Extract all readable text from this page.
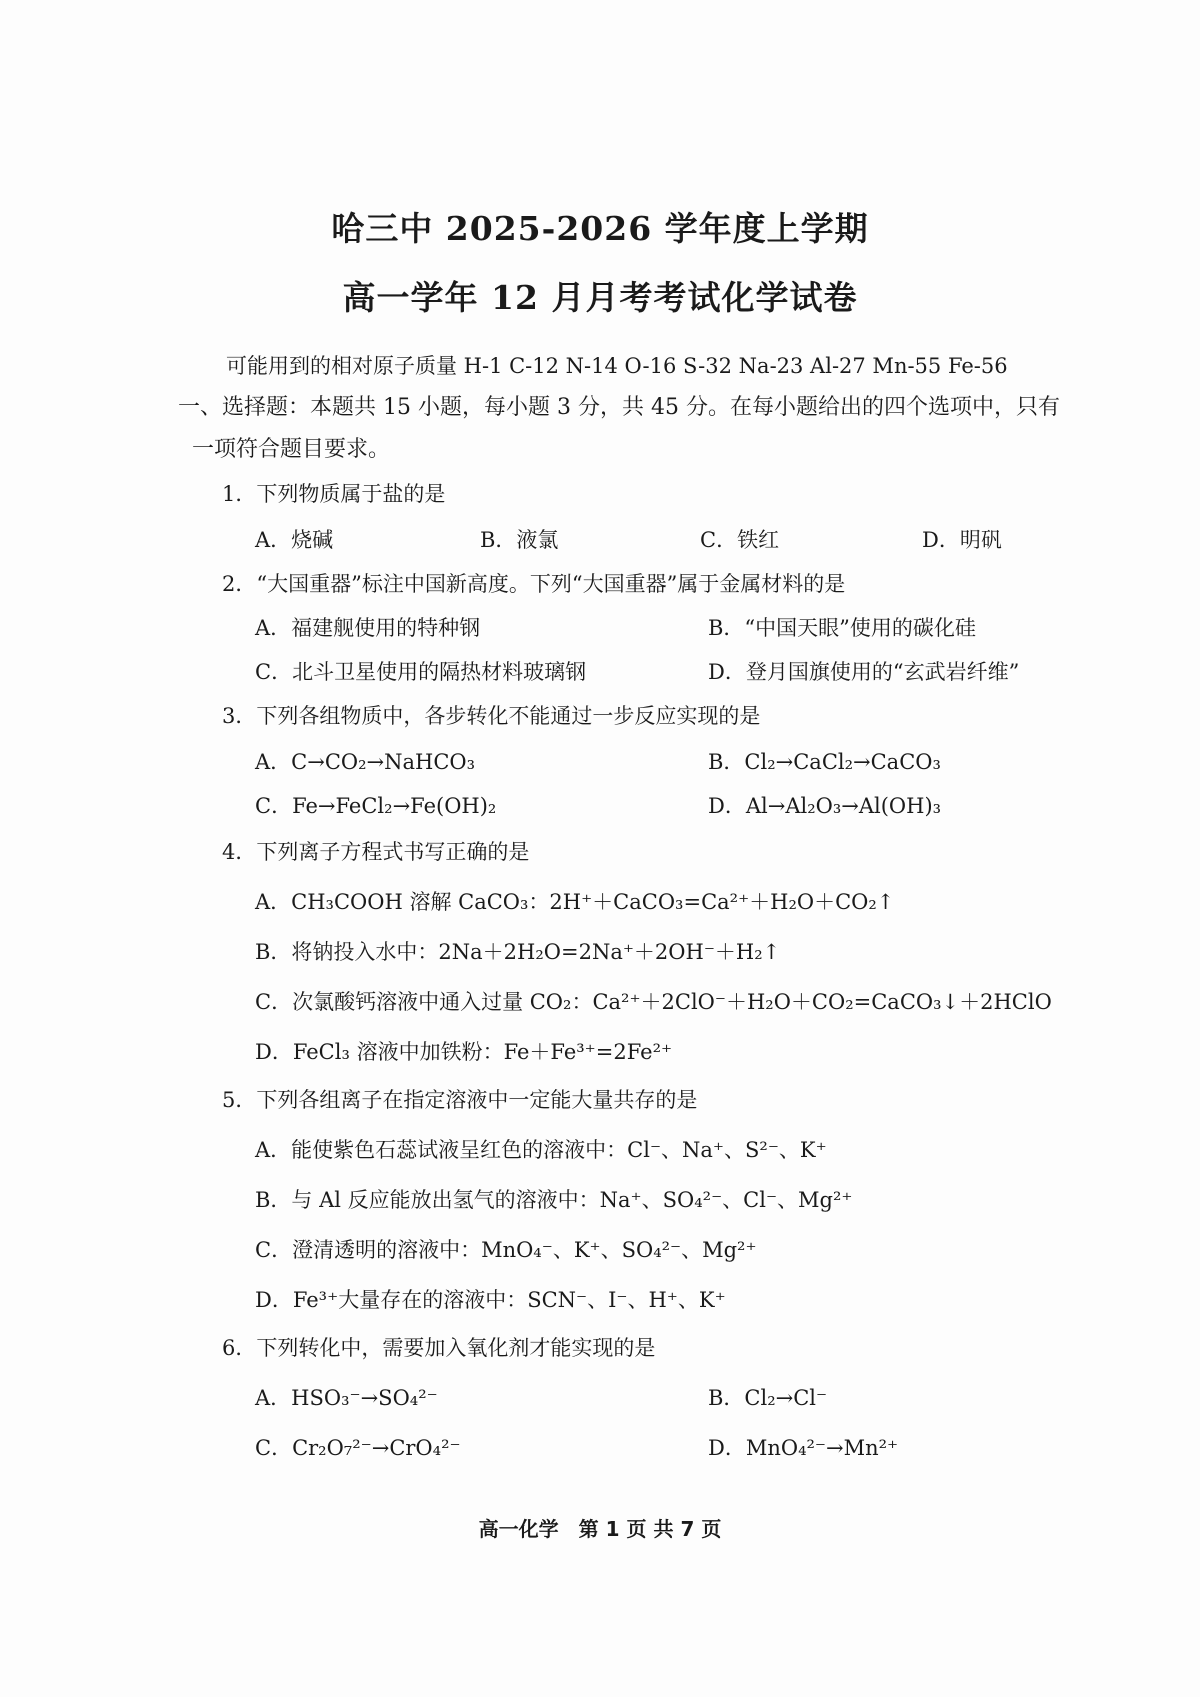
哈三中 2025-2026 学年度上学期
高一学年 12 月月考考试化学试卷
可能用到的相对原子质量 H-1 C-12 N-14 O-16 S-32 Na-23 Al-27 Mn-55 Fe-56
一、选择题：本题共 15 小题，每小题 3 分，共 45 分。在每小题给出的四个选项中，只有
一项符合题目要求。
1．下列物质属于盐的是
A．烧碱	B．液氯	C．铁红	D．明矾
2．“大国重器”标注中国新高度。下列“大国重器”属于金属材料的是
A．福建舰使用的特种钢	B．“中国天眼”使用的碳化硅
C．北斗卫星使用的隔热材料玻璃钢	D．登月国旗使用的“玄武岩纤维”
3．下列各组物质中，各步转化不能通过一步反应实现的是
A．C→CO₂→NaHCO₃	B．Cl₂→CaCl₂→CaCO₃
C．Fe→FeCl₂→Fe(OH)₂	D．Al→Al₂O₃→Al(OH)₃
4．下列离子方程式书写正确的是
A．CH₃COOH 溶解 CaCO₃：2H⁺＋CaCO₃=Ca²⁺＋H₂O＋CO₂↑
B．将钠投入水中：2Na＋2H₂O=2Na⁺＋2OH⁻＋H₂↑
C．次氯酸钙溶液中通入过量 CO₂：Ca²⁺＋2ClO⁻＋H₂O＋CO₂=CaCO₃↓＋2HClO
D．FeCl₃ 溶液中加铁粉：Fe＋Fe³⁺=2Fe²⁺
5．下列各组离子在指定溶液中一定能大量共存的是
A．能使紫色石蕊试液呈红色的溶液中：Cl⁻、Na⁺、S²⁻、K⁺
B．与 Al 反应能放出氢气的溶液中：Na⁺、SO₄²⁻、Cl⁻、Mg²⁺
C．澄清透明的溶液中：MnO₄⁻、K⁺、SO₄²⁻、Mg²⁺
D．Fe³⁺大量存在的溶液中：SCN⁻、I⁻、H⁺、K⁺
6．下列转化中，需要加入氧化剂才能实现的是
A．HSO₃⁻→SO₄²⁻	B．Cl₂→Cl⁻
C．Cr₂O₇²⁻→CrO₄²⁻	D．MnO₄²⁻→Mn²⁺
高一化学　第 1 页 共 7 页
